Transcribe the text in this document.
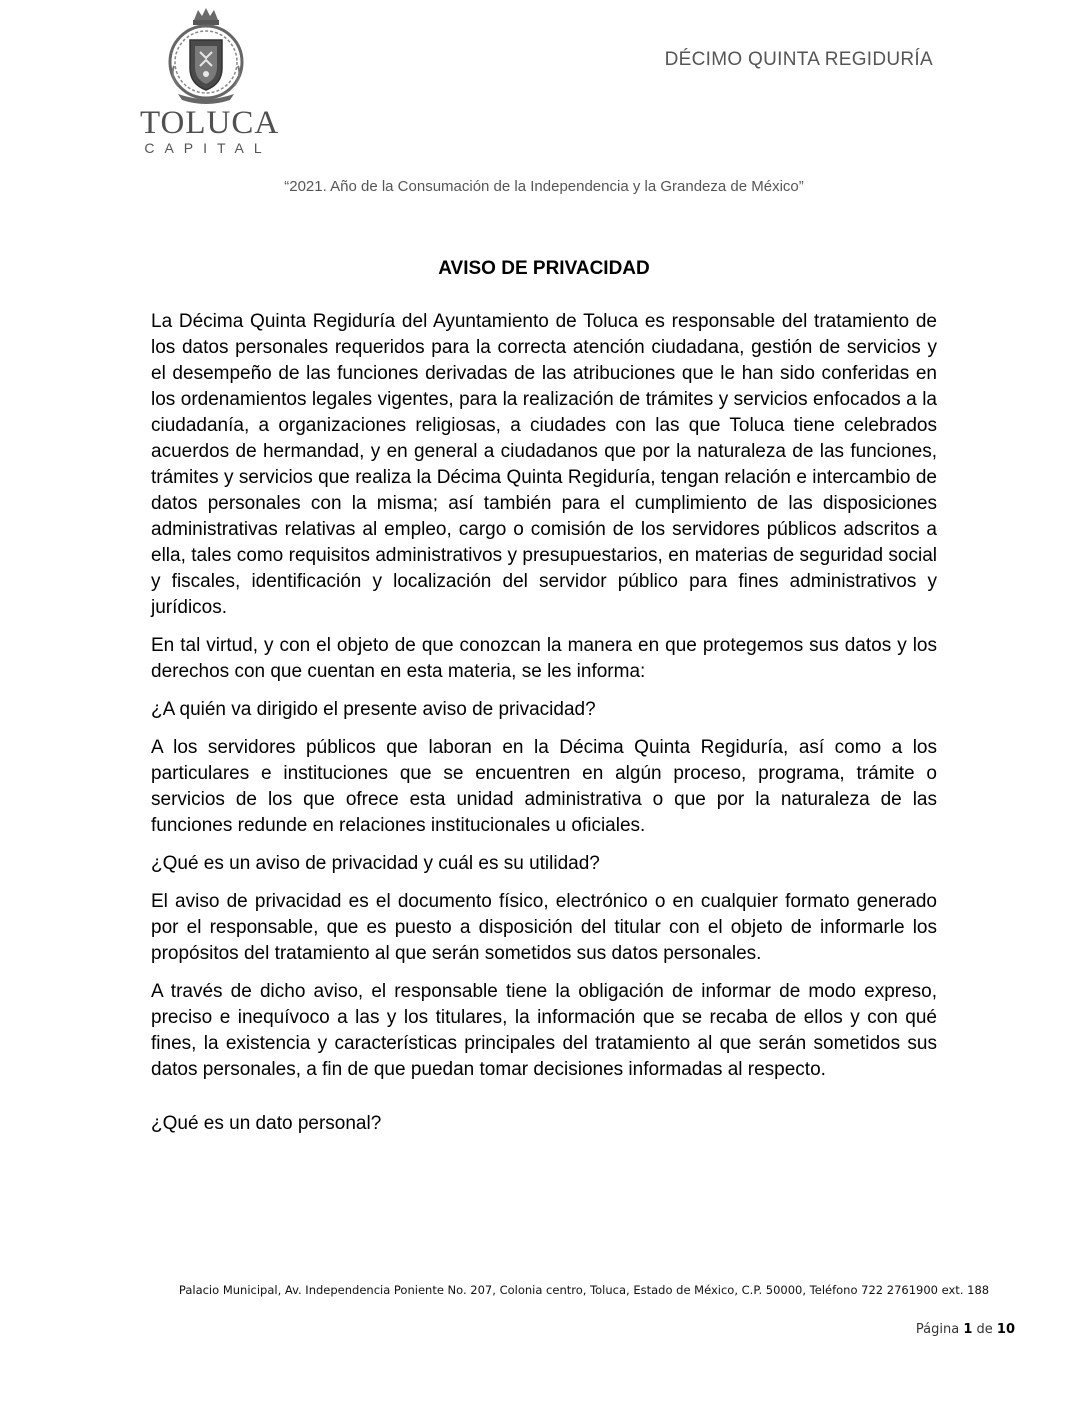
TOLUCA
CAPITAL
DÉCIMO QUINTA REGIDURÍA
“2021. Año de la Consumación de la Independencia y la Grandeza de México”
AVISO DE PRIVACIDAD

La Décima Quinta Regiduría del Ayuntamiento de Toluca es responsable del tratamiento de los datos personales requeridos para la correcta atención ciudadana, gestión de servicios y el desempeño de las funciones derivadas de las atribuciones que le han sido conferidas en los ordenamientos legales vigentes, para la realización de trámites y servicios enfocados a la ciudadanía, a organizaciones religiosas, a ciudades con las que Toluca tiene celebrados acuerdos de hermandad, y en general a ciudadanos que por la naturaleza de las funciones, trámites y servicios que realiza la Décima Quinta Regiduría, tengan relación e intercambio de datos personales con la misma; así también para el cumplimiento de las disposiciones administrativas relativas al empleo, cargo o comisión de los servidores públicos adscritos a ella, tales como requisitos administrativos y presupuestarios, en materias de seguridad social y fiscales, identificación y localización del servidor público para fines administrativos y jurídicos.

En tal virtud, y con el objeto de que conozcan la manera en que protegemos sus datos y los derechos con que cuentan en esta materia, se les informa:

¿A quién va dirigido el presente aviso de privacidad?

A los servidores públicos que laboran en la Décima Quinta Regiduría, así como a los particulares e instituciones que se encuentren en algún proceso, programa, trámite o servicios de los que ofrece esta unidad administrativa o que por la naturaleza de las funciones redunde en relaciones institucionales u oficiales.

¿Qué es un aviso de privacidad y cuál es su utilidad?

El aviso de privacidad es el documento físico, electrónico o en cualquier formato generado por el responsable, que es puesto a disposición del titular con el objeto de informarle los propósitos del tratamiento al que serán sometidos sus datos personales.

A través de dicho aviso, el responsable tiene la obligación de informar de modo expreso, preciso e inequívoco a las y los titulares, la información que se recaba de ellos y con qué fines, la existencia y características principales del tratamiento al que serán sometidos sus datos personales, a fin de que puedan tomar decisiones informadas al respecto.

¿Qué es un dato personal?

Palacio Municipal, Av. Independencia Poniente No. 207, Colonia centro, Toluca, Estado de México, C.P. 50000, Teléfono 722 2761900 ext. 188
Página 1 de 10
